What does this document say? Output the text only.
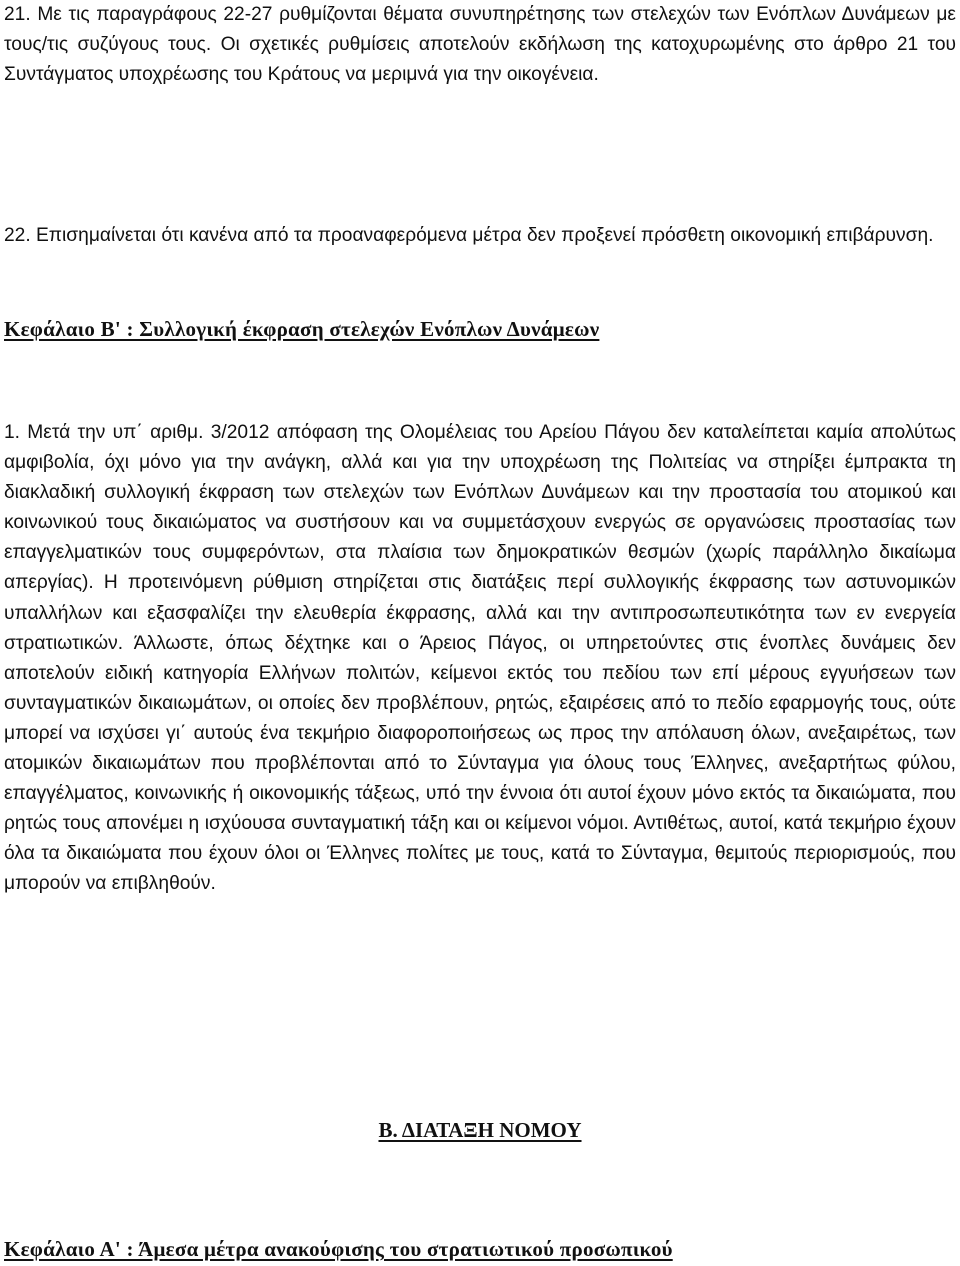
21. Με τις παραγράφους 22-27 ρυθμίζονται θέματα συνυπηρέτησης των στελεχών των Ενόπλων Δυνάμεων με τους/τις συζύγους τους. Οι σχετικές ρυθμίσεις αποτελούν εκδήλωση της κατοχυρωμένης στο άρθρο 21 του Συντάγματος υποχρέωσης του Κράτους να μεριμνά για την οικογένεια.

22. Επισημαίνεται ότι κανένα από τα προαναφερόμενα μέτρα δεν προξενεί πρόσθετη οικονομική επιβάρυνση.

Κεφάλαιο Β' : Συλλογική έκφραση στελεχών Ενόπλων Δυνάμεων

1. Μετά την υπ΄ αριθμ. 3/2012 απόφαση της Ολομέλειας του Αρείου Πάγου δεν καταλείπεται καμία απολύτως αμφιβολία, όχι μόνο για την ανάγκη, αλλά και για την υποχρέωση της Πολιτείας να στηρίξει έμπρακτα τη διακλαδική συλλογική έκφραση των στελεχών των Ενόπλων Δυνάμεων και την προστασία του ατομικού και κοινωνικού τους δικαιώματος να συστήσουν και να συμμετάσχουν ενεργώς σε οργανώσεις προστασίας των επαγγελματικών τους συμφερόντων, στα πλαίσια των δημοκρατικών θεσμών (χωρίς παράλληλο δικαίωμα απεργίας). Η προτεινόμενη ρύθμιση στηρίζεται στις διατάξεις περί συλλογικής έκφρασης των αστυνομικών υπαλλήλων και εξασφαλίζει την ελευθερία έκφρασης, αλλά και την αντιπροσωπευτικότητα των εν ενεργεία στρατιωτικών. Άλλωστε, όπως δέχτηκε και ο Άρειος Πάγος, οι υπηρετούντες στις ένοπλες δυνάμεις δεν αποτελούν ειδική κατηγορία Ελλήνων πολιτών, κείμενοι εκτός του πεδίου των επί μέρους εγγυήσεων των συνταγματικών δικαιωμάτων, οι οποίες δεν προβλέπουν, ρητώς, εξαιρέσεις από το πεδίο εφαρμογής τους, ούτε μπορεί να ισχύσει γι΄ αυτούς ένα τεκμήριο διαφοροποιήσεως ως προς την απόλαυση όλων, ανεξαιρέτως, των ατομικών δικαιωμάτων που προβλέπονται από το Σύνταγμα για όλους τους Έλληνες, ανεξαρτήτως φύλου, επαγγέλματος, κοινωνικής ή οικονομικής τάξεως, υπό την έννοια ότι αυτοί έχουν μόνο εκτός τα δικαιώματα, που ρητώς τους απονέμει η ισχύουσα συνταγματική τάξη και οι κείμενοι νόμοι. Αντιθέτως, αυτοί, κατά τεκμήριο έχουν όλα τα δικαιώματα που έχουν όλοι οι Έλληνες πολίτες με τους, κατά το Σύνταγμα, θεμιτούς περιορισμούς, που μπορούν να επιβληθούν.

Β. ΔΙΑΤΑΞΗ ΝΟΜΟΥ
Κεφάλαιο Α' : Άμεσα μέτρα ανακούφισης του στρατιωτικού προσωπικού
